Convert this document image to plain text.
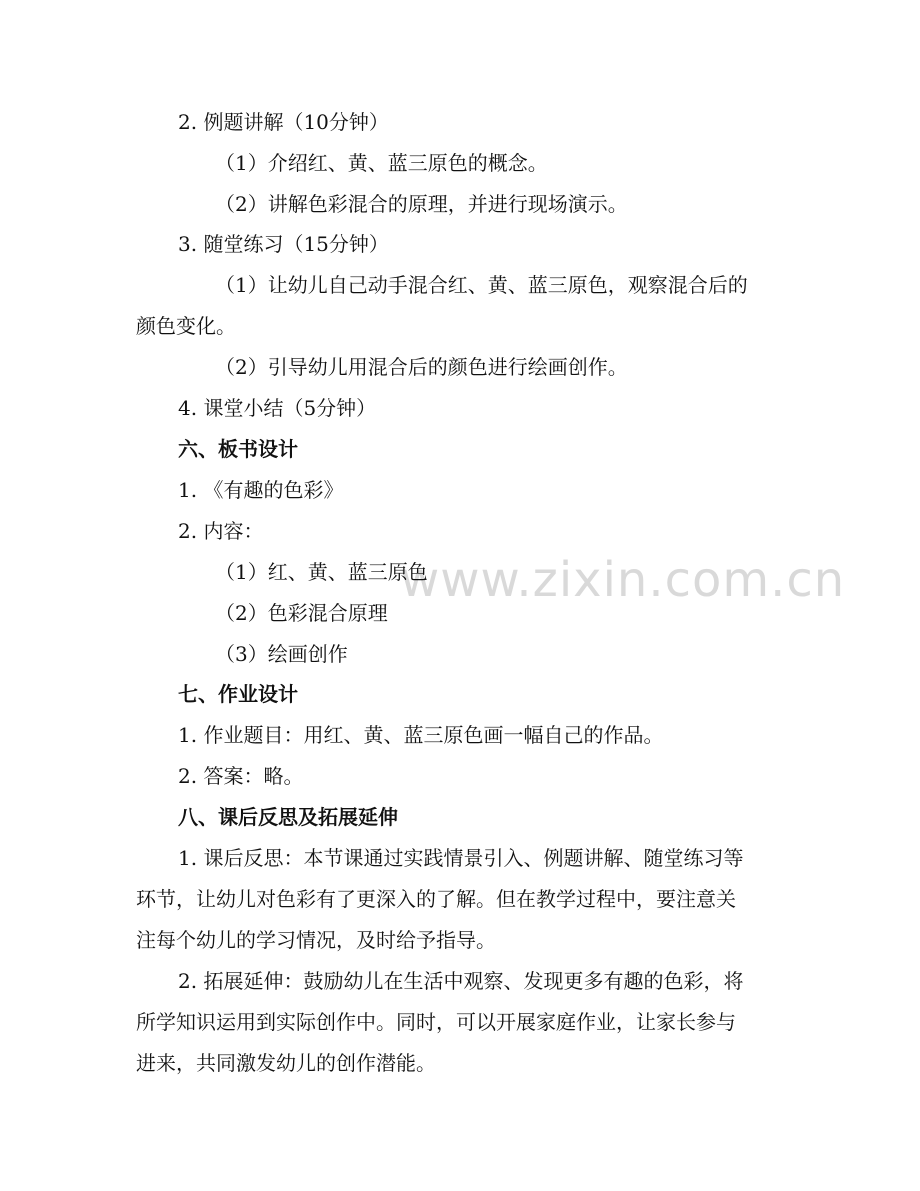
www.zixin.com.cn
2. 例题讲解（10分钟）
（1）介绍红、黄、蓝三原色的概念。
（2）讲解色彩混合的原理，并进行现场演示。
3. 随堂练习（15分钟）
（1）让幼儿自己动手混合红、黄、蓝三原色，观察混合后的
颜色变化。
（2）引导幼儿用混合后的颜色进行绘画创作。
4. 课堂小结（5分钟）
六、板书设计
1. 《有趣的色彩》
2. 内容：
（1）红、黄、蓝三原色
（2）色彩混合原理
（3）绘画创作
七、作业设计
1. 作业题目：用红、黄、蓝三原色画一幅自己的作品。
2. 答案：略。
八、课后反思及拓展延伸
1. 课后反思：本节课通过实践情景引入、例题讲解、随堂练习等
环节，让幼儿对色彩有了更深入的了解。但在教学过程中，要注意关
注每个幼儿的学习情况，及时给予指导。
2. 拓展延伸：鼓励幼儿在生活中观察、发现更多有趣的色彩，将
所学知识运用到实际创作中。同时，可以开展家庭作业，让家长参与
进来，共同激发幼儿的创作潜能。
